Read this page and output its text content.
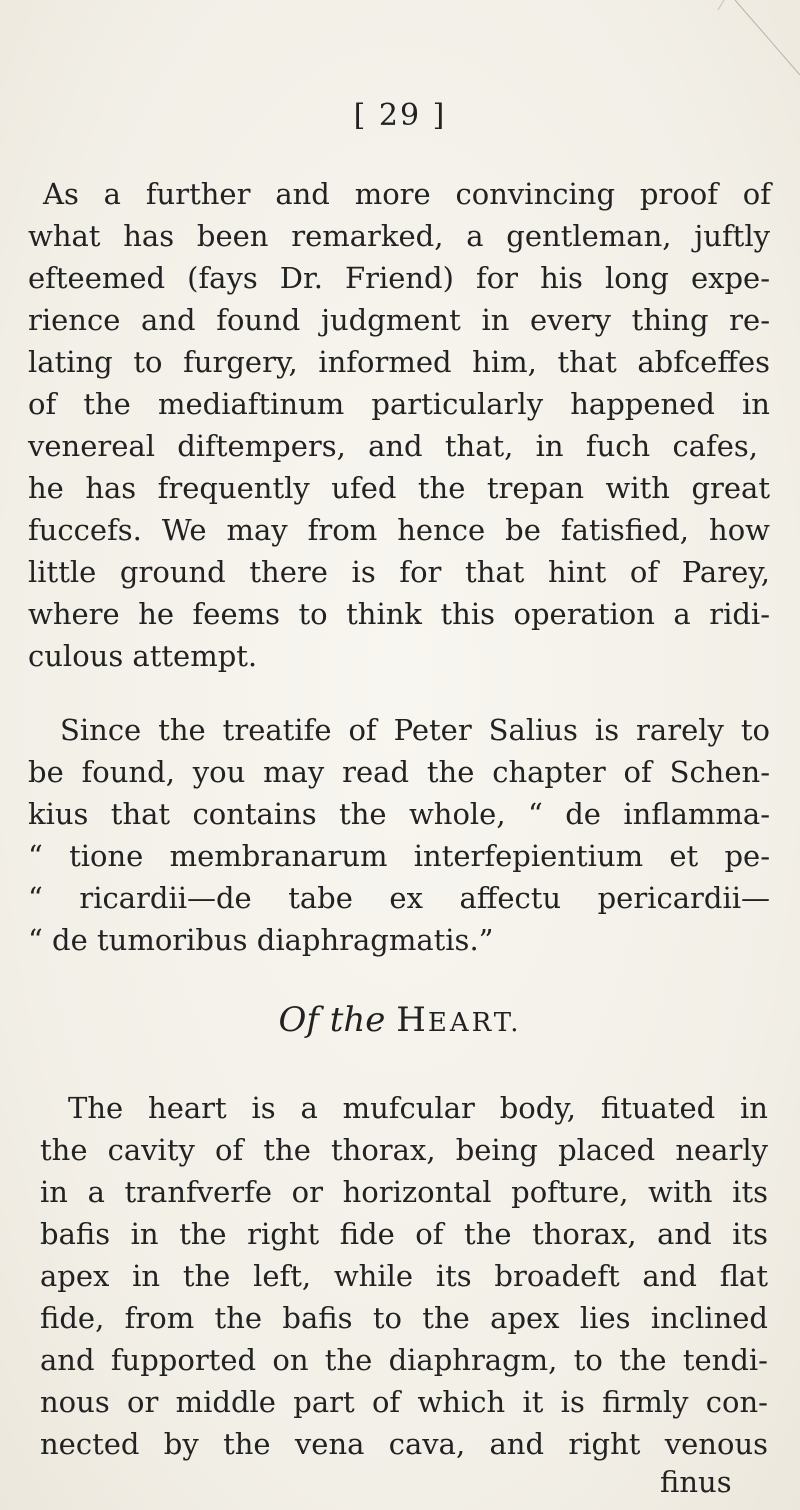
[ 29 ]
As a further and more convincing proof of
what has been remarked, a gentleman, juftly
efteemed (fays Dr. Friend) for his long expe-
rience and found judgment in every thing re-
lating to furgery, informed him, that abfceffes
of the mediaftinum particularly happened in
venereal diftempers, and that, in fuch cafes,
he has frequently ufed the trepan with great
fuccefs. We may from hence be fatisfied, how
little ground there is for that hint of Parey,
where he feems to think this operation a ridi-
culous attempt.
Since the treatife of Peter Salius is rarely to
be found, you may read the chapter of Schen-
kius that contains the whole, “ de inflamma-
“ tione membranarum interfepientium et pe-
“ ricardii—de tabe ex affectu pericardii—
“ de tumoribus diaphragmatis.”
Of the HEART.
The heart is a mufcular body, fituated in
the cavity of the thorax, being placed nearly
in a tranfverfe or horizontal pofture, with its
bafis in the right fide of the thorax, and its
apex in the left, while its broadeft and flat
fide, from the bafis to the apex lies inclined
and fupported on the diaphragm, to the tendi-
nous or middle part of which it is firmly con-
nected by the vena cava, and right venous
finus
